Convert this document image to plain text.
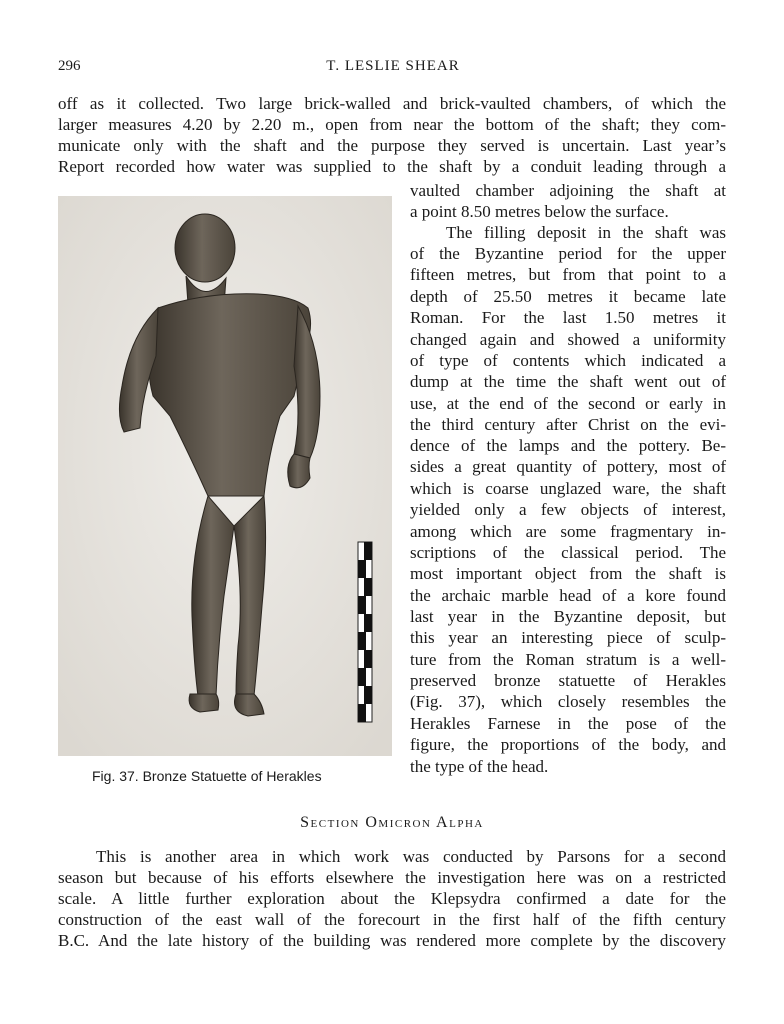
296	T. LESLIE SHEAR
off as it collected. Two large brick-walled and brick-vaulted chambers, of which the
larger measures 4.20 by 2.20 m., open from near the bottom of the shaft; they com-
municate only with the shaft and the purpose they served is uncertain. Last year’s
Report recorded how water was supplied to the shaft by a conduit leading through a
Fig. 37. Bronze Statuette of Herakles
vaulted chamber adjoining the shaft at
a point 8.50 metres below the surface.
The filling deposit in the shaft was
of the Byzantine period for the upper
fifteen metres, but from that point to a
depth of 25.50 metres it became late
Roman. For the last 1.50 metres it
changed again and showed a uniformity
of type of contents which indicated a
dump at the time the shaft went out of
use, at the end of the second or early in
the third century after Christ on the evi-
dence of the lamps and the pottery. Be-
sides a great quantity of pottery, most of
which is coarse unglazed ware, the shaft
yielded only a few objects of interest,
among which are some fragmentary in-
scriptions of the classical period. The
most important object from the shaft is
the archaic marble head of a kore found
last year in the Byzantine deposit, but
this year an interesting piece of sculp-
ture from the Roman stratum is a well-
preserved bronze statuette of Herakles
(Fig. 37), which closely resembles the
Herakles Farnese in the pose of the
figure, the proportions of the body, and
the type of the head.
Section Omicron Alpha
This is another area in which work was conducted by Parsons for a second
season but because of his efforts elsewhere the investigation here was on a restricted
scale. A little further exploration about the Klepsydra confirmed a date for the
construction of the east wall of the forecourt in the first half of the fifth century
B.C. And the late history of the building was rendered more complete by the discovery
